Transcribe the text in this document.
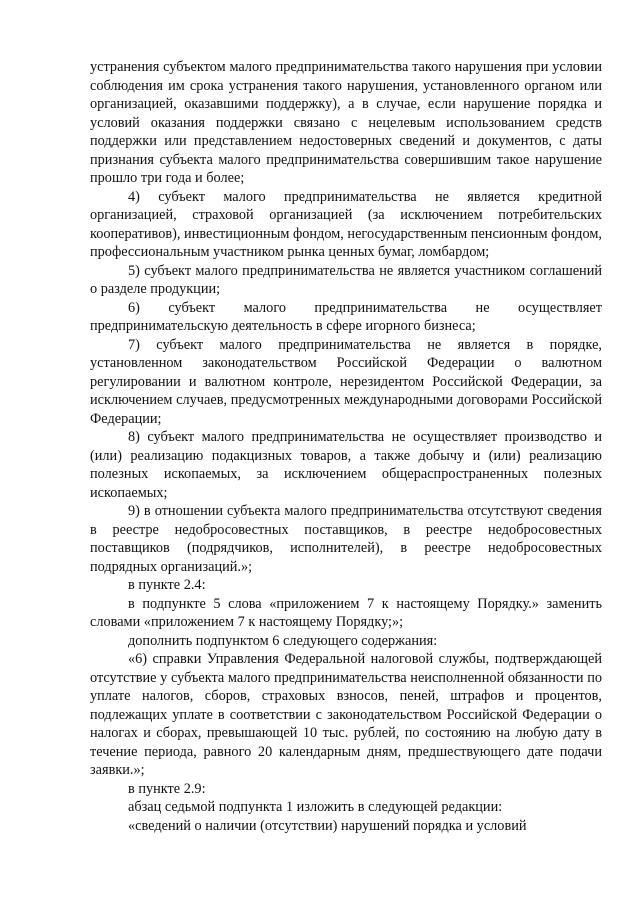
устранения субъектом малого предпринимательства такого нарушения при условии соблюдения им срока устранения такого нарушения, установленного органом или организацией, оказавшими поддержку), а в случае, если нарушение порядка и условий оказания поддержки связано с нецелевым использованием средств поддержки или представлением недостоверных сведений и документов, с даты признания субъекта малого предпринимательства совершившим такое нарушение прошло три года и более;

4) субъект малого предпринимательства не является кредитной организацией, страховой организацией (за исключением потребительских кооперативов), инвестиционным фондом, негосударственным пенсионным фондом, профессиональным участником рынка ценных бумаг, ломбардом;

5) субъект малого предпринимательства не является участником соглашений о разделе продукции;

6) субъект малого предпринимательства не осуществляет предпринимательскую деятельность в сфере игорного бизнеса;

7) субъект малого предпринимательства не является в порядке, установленном законодательством Российской Федерации о валютном регулировании и валютном контроле, нерезидентом Российской Федерации, за исключением случаев, предусмотренных международными договорами Российской Федерации;

8) субъект малого предпринимательства не осуществляет производство и (или) реализацию подакцизных товаров, а также добычу и (или) реализацию полезных ископаемых, за исключением общераспространенных полезных ископаемых;

9) в отношении субъекта малого предпринимательства отсутствуют сведения в реестре недобросовестных поставщиков, в реестре недобросовестных поставщиков (подрядчиков, исполнителей), в реестре недобросовестных подрядных организаций.»;

в пункте 2.4:

в подпункте 5 слова «приложением 7 к настоящему Порядку.» заменить словами «приложением 7 к настоящему Порядку;»;

дополнить подпунктом 6 следующего содержания:

«6) справки Управления Федеральной налоговой службы, подтверждающей отсутствие у субъекта малого предпринимательства неисполненной обязанности по уплате налогов, сборов, страховых взносов, пеней, штрафов и процентов, подлежащих уплате в соответствии с законодательством Российской Федерации о налогах и сборах, превышающей 10 тыс. рублей, по состоянию на любую дату в течение периода, равного 20 календарным дням, предшествующего дате подачи заявки.»;

в пункте 2.9:

абзац седьмой подпункта 1 изложить в следующей редакции:

«сведений о наличии (отсутствии) нарушений порядка и условий
